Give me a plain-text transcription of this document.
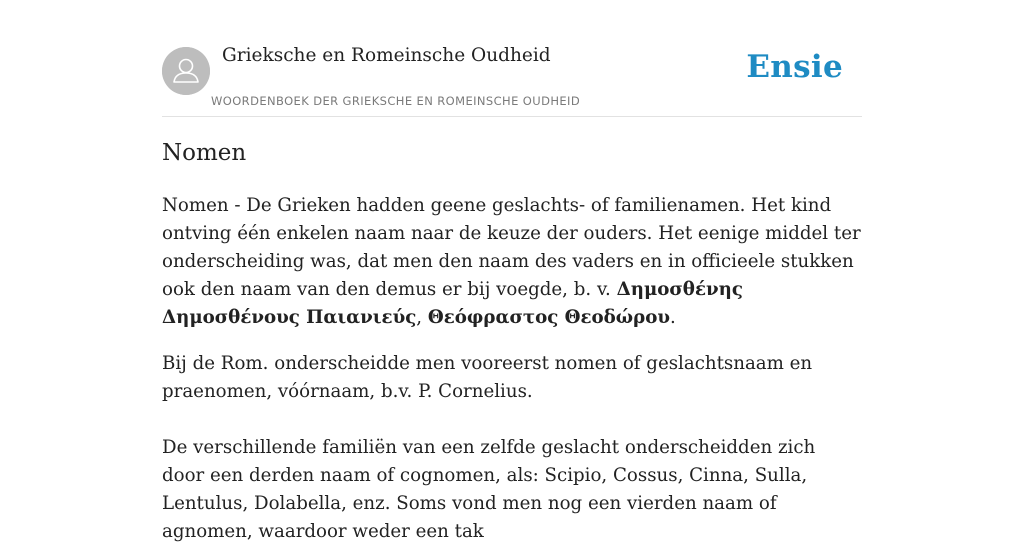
Grieksche en Romeinsche Oudheid
WOORDENBOEK DER GRIEKSCHE EN ROMEINSCHE OUDHEID
Ensie
Nomen

Nomen - De Grieken hadden geene geslachts- of familienamen. Het kind ontving één enkelen naam naar de keuze der ouders. Het eenige middel ter onderscheiding was, dat men den naam des vaders en in officieele stukken ook den naam van den demus er bij voegde, b. v. Δημοσθένης Δημοσθένους Παιανιεύς, Θεόφραστος Θεοδώρου.

Bij de Rom. onderscheidde men vooreerst nomen of geslachtsnaam en praenomen, vóórnaam, b.v. P. Cornelius.

De verschillende familiën van een zelfde geslacht onderscheidden zich door een derden naam of cognomen, als: Scipio, Cossus, Cinna, Sulla, Lentulus, Dolabella, enz. Soms vond men nog een vierden naam of agnomen, waardoor weder een tak
